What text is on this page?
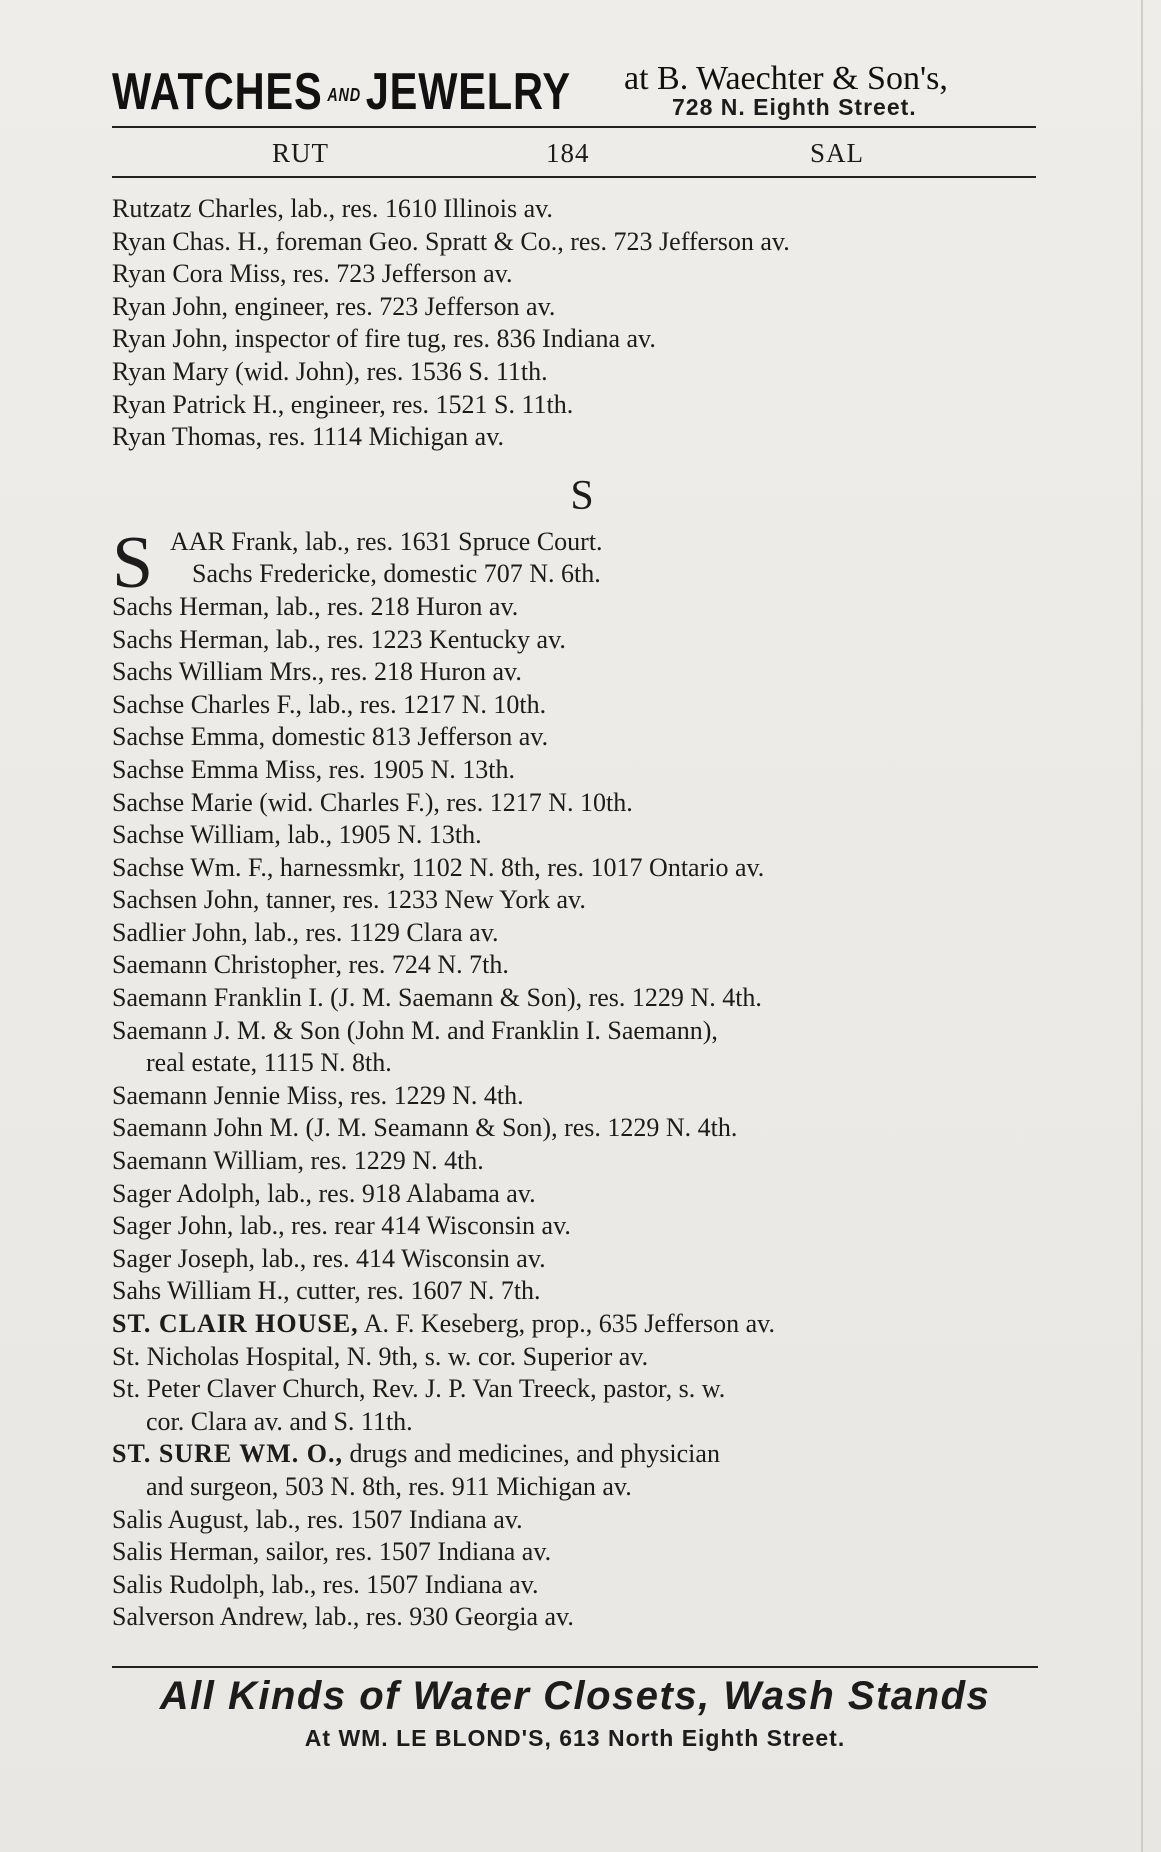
WATCHES ANDJEWELRY at B. Waechter & Son's,
728 N. Eighth Street.
RUT	184	SAL
Rutzatz Charles, lab., res. 1610 Illinois av.
Ryan Chas. H., foreman Geo. Spratt & Co., res. 723 Jefferson av.
Ryan Cora Miss, res. 723 Jefferson av.
Ryan John, engineer, res. 723 Jefferson av.
Ryan John, inspector of fire tug, res. 836 Indiana av.
Ryan Mary (wid. John), res. 1536 S. 11th.
Ryan Patrick H., engineer, res. 1521 S. 11th.
Ryan Thomas, res. 1114 Michigan av.
S
S AAR Frank, lab., res. 1631 Spruce Court.
Sachs Fredericke, domestic 707 N. 6th.
Sachs Herman, lab., res. 218 Huron av.
Sachs Herman, lab., res. 1223 Kentucky av.
Sachs William Mrs., res. 218 Huron av.
Sachse Charles F., lab., res. 1217 N. 10th.
Sachse Emma, domestic 813 Jefferson av.
Sachse Emma Miss, res. 1905 N. 13th.
Sachse Marie (wid. Charles F.), res. 1217 N. 10th.
Sachse William, lab., 1905 N. 13th.
Sachse Wm. F., harnessmkr, 1102 N. 8th, res. 1017 Ontario av.
Sachsen John, tanner, res. 1233 New York av.
Sadlier John, lab., res. 1129 Clara av.
Saemann Christopher, res. 724 N. 7th.
Saemann Franklin I. (J. M. Saemann & Son), res. 1229 N. 4th.
Saemann J. M. & Son (John M. and Franklin I. Saemann),
real estate, 1115 N. 8th.
Saemann Jennie Miss, res. 1229 N. 4th.
Saemann John M. (J. M. Seamann & Son), res. 1229 N. 4th.
Saemann William, res. 1229 N. 4th.
Sager Adolph, lab., res. 918 Alabama av.
Sager John, lab., res. rear 414 Wisconsin av.
Sager Joseph, lab., res. 414 Wisconsin av.
Sahs William H., cutter, res. 1607 N. 7th.
ST. CLAIR HOUSE, A. F. Keseberg, prop., 635 Jefferson av.
St. Nicholas Hospital, N. 9th, s. w. cor. Superior av.
St. Peter Claver Church, Rev. J. P. Van Treeck, pastor, s. w.
cor. Clara av. and S. 11th.
ST. SURE WM. O., drugs and medicines, and physician
and surgeon, 503 N. 8th, res. 911 Michigan av.
Salis August, lab., res. 1507 Indiana av.
Salis Herman, sailor, res. 1507 Indiana av.
Salis Rudolph, lab., res. 1507 Indiana av.
Salverson Andrew, lab., res. 930 Georgia av.
All Kinds of Water Closets, Wash Stands
At WM. LE BLOND'S, 613 North Eighth Street.
